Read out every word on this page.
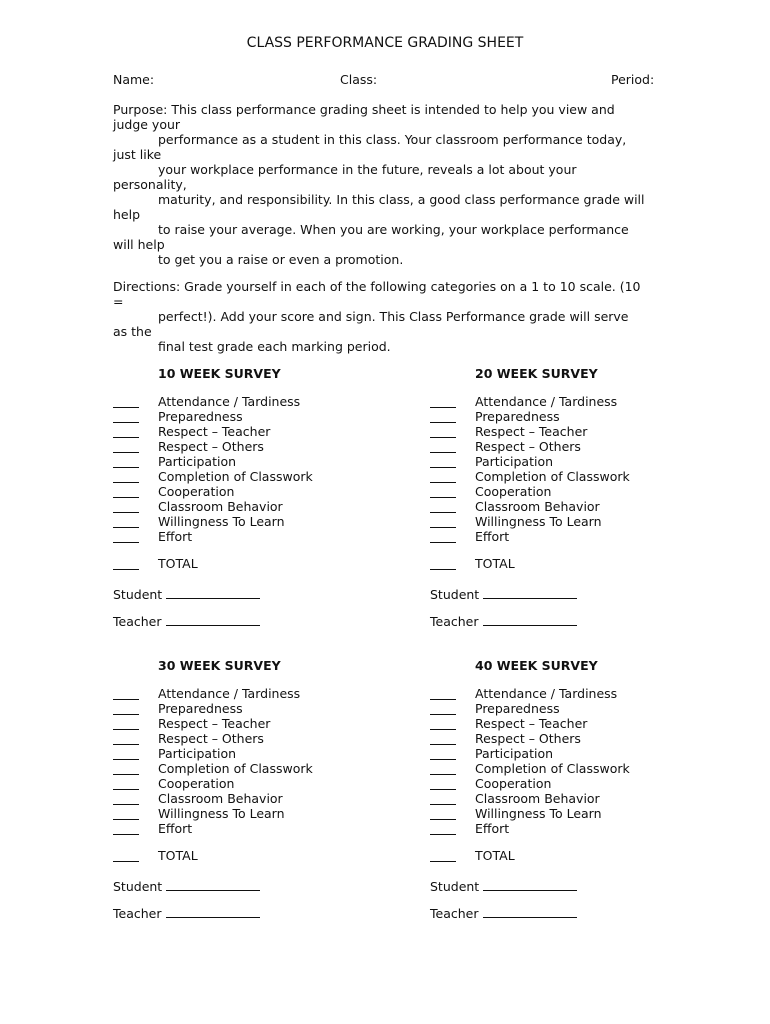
CLASS PERFORMANCE GRADING SHEET
Name:	Class:	Period:
Purpose: This class performance grading sheet is intended to help you view and
judge your
performance as a student in this class. Your classroom performance today,
just like
your workplace performance in the future, reveals a lot about your
personality,
maturity, and responsibility. In this class, a good class performance grade will
help
to raise your average. When you are working, your workplace performance
will help
to get you a raise or even a promotion.
Directions: Grade yourself in each of the following categories on a 1 to 10 scale. (10
=
perfect!). Add your score and sign. This Class Performance grade will serve
as the
final test grade each marking period.
10 WEEK SURVEY
Attendance / Tardiness
Preparedness
Respect – Teacher
Respect – Others
Participation
Completion of Classwork
Cooperation
Classroom Behavior
Willingness To Learn
Effort
TOTAL
Student
Teacher
20 WEEK SURVEY
Attendance / Tardiness
Preparedness
Respect – Teacher
Respect – Others
Participation
Completion of Classwork
Cooperation
Classroom Behavior
Willingness To Learn
Effort
TOTAL
Student
Teacher
30 WEEK SURVEY
Attendance / Tardiness
Preparedness
Respect – Teacher
Respect – Others
Participation
Completion of Classwork
Cooperation
Classroom Behavior
Willingness To Learn
Effort
TOTAL
Student
Teacher
40 WEEK SURVEY
Attendance / Tardiness
Preparedness
Respect – Teacher
Respect – Others
Participation
Completion of Classwork
Cooperation
Classroom Behavior
Willingness To Learn
Effort
TOTAL
Student
Teacher
